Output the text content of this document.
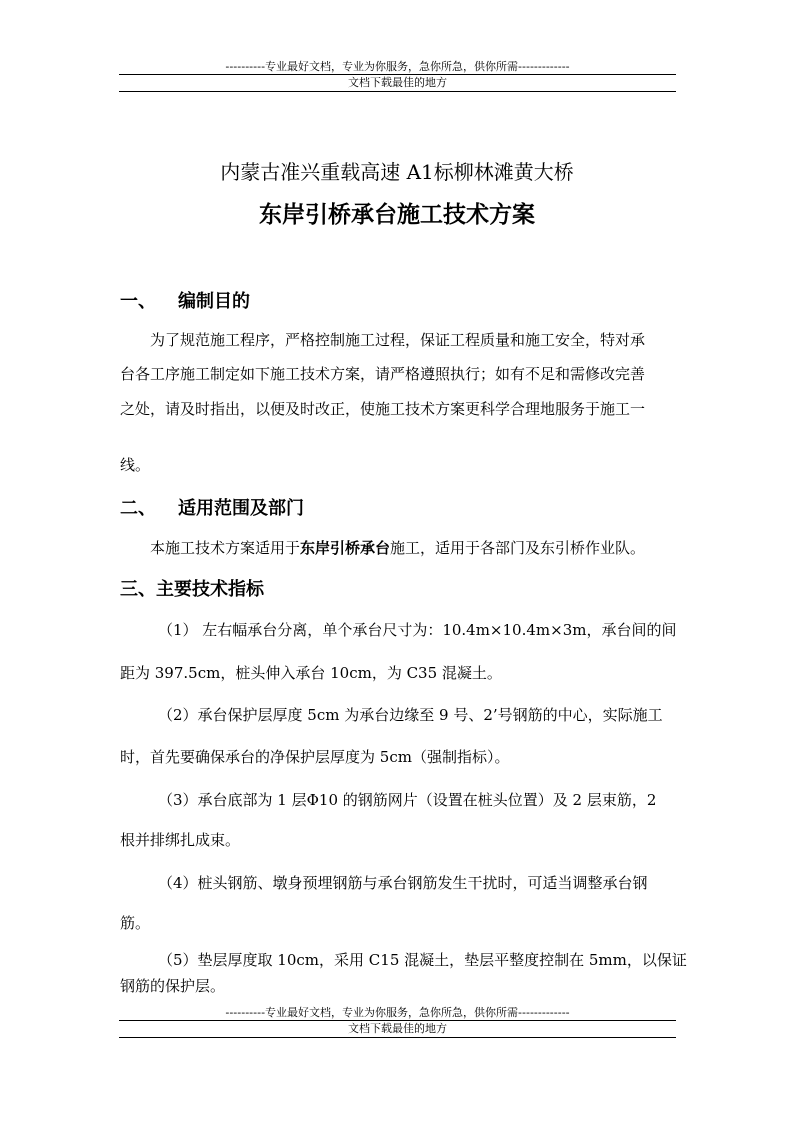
----------专业最好文档，专业为你服务，急你所急，供你所需-------------
文档下载最佳的地方
内蒙古准兴重载高速 A1标柳林滩黄大桥
东岸引桥承台施工技术方案
一、 编制目的
为了规范施工程序，严格控制施工过程，保证工程质量和施工安全，特对承
台各工序施工制定如下施工技术方案，请严格遵照执行；如有不足和需修改完善
之处，请及时指出，以便及时改正，使施工技术方案更科学合理地服务于施工一
线。
二、 适用范围及部门
本施工技术方案适用于东岸引桥承台施工，适用于各部门及东引桥作业队。
三、主要技术指标
（1） 左右幅承台分离，单个承台尺寸为：10.4m×10.4m×3m，承台间的间
距为 397.5cm，桩头伸入承台 10cm，为 C35 混凝土。
（2）承台保护层厚度 5cm 为承台边缘至 9 号、2’号钢筋的中心，实际施工
时，首先要确保承台的净保护层厚度为 5cm（强制指标）。
（3）承台底部为 1 层Φ10 的钢筋网片（设置在桩头位置）及 2 层束筋，2
根并排绑扎成束。
（4）桩头钢筋、墩身预埋钢筋与承台钢筋发生干扰时，可适当调整承台钢
筋。
（5）垫层厚度取 10cm，采用 C15 混凝土，垫层平整度控制在 5mm，以保证
钢筋的保护层。
----------专业最好文档，专业为你服务，急你所急，供你所需-------------
文档下载最佳的地方
